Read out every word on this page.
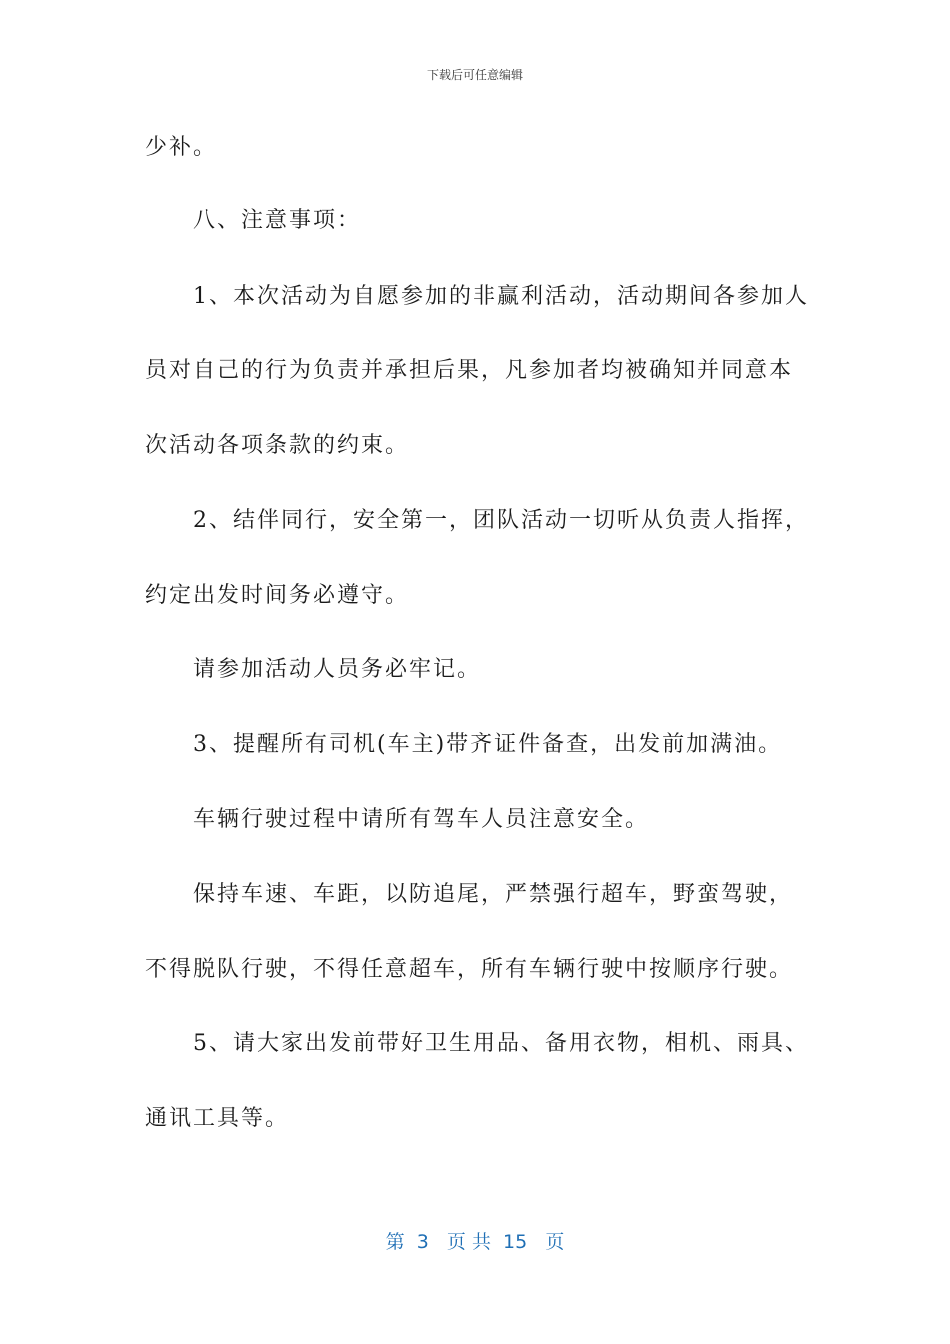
下载后可任意编辑
少补。
八、注意事项：
1、本次活动为自愿参加的非赢利活动，活动期间各参加人
员对自己的行为负责并承担后果，凡参加者均被确知并同意本
次活动各项条款的约束。
2、结伴同行，安全第一，团队活动一切听从负责人指挥，
约定出发时间务必遵守。
请参加活动人员务必牢记。
3、提醒所有司机(车主)带齐证件备查，出发前加满油。
车辆行驶过程中请所有驾车人员注意安全。
保持车速、车距，以防追尾，严禁强行超车，野蛮驾驶，
不得脱队行驶，不得任意超车，所有车辆行驶中按顺序行驶。
5、请大家出发前带好卫生用品、备用衣物，相机、雨具、
通讯工具等。
第  3   页 共  15   页
